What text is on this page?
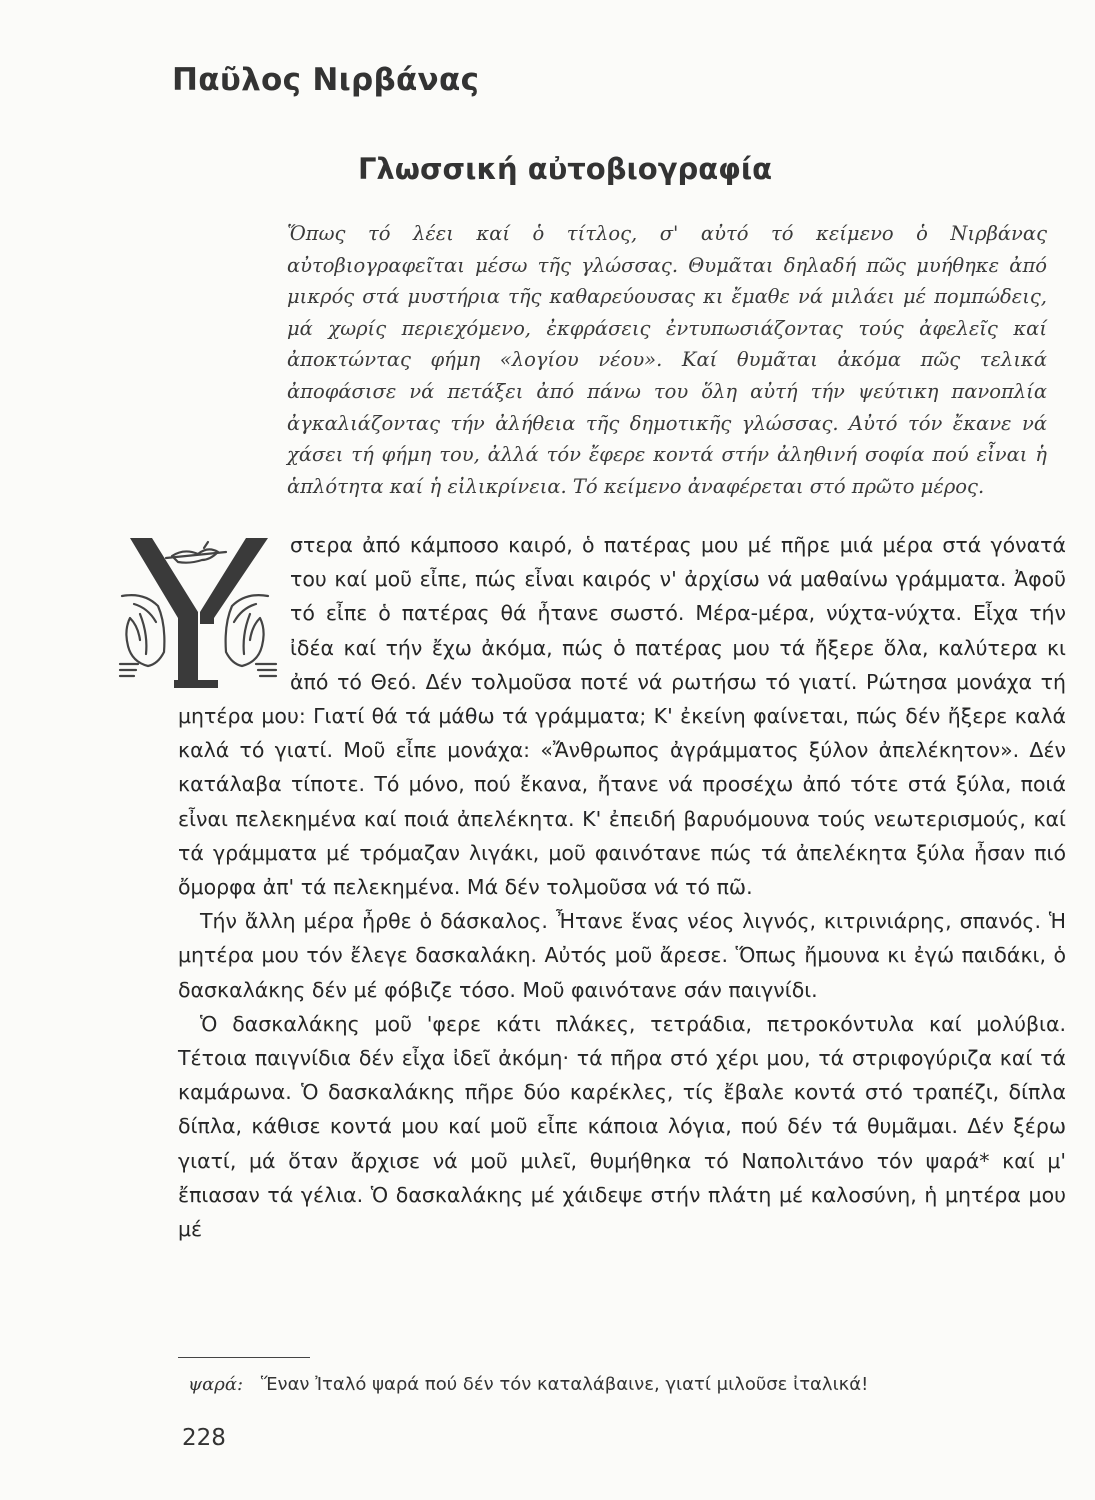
Παῦλος Νιρβάνας
Γλωσσική αὐτοβιογραφία
Ὅπως τό λέει καί ὁ τίτλος, σ' αὐτό τό κείμενο ὁ Νιρβάνας αὐτοβιογραφεῖται μέσω τῆς γλώσσας. Θυμᾶται δηλαδή πῶς μυήθηκε ἀπό μικρός στά μυστήρια τῆς καθαρεύουσας κι ἔμαθε νά μιλάει μέ πομπώδεις, μά χωρίς περιεχόμενο, ἐκφράσεις ἐντυπωσιάζοντας τούς ἀφελεῖς καί ἀποκτώντας φήμη «λογίου νέου». Καί θυμᾶται ἀκόμα πῶς τελικά ἀποφάσισε νά πετάξει ἀπό πάνω του ὅλη αὐτή τήν ψεύτικη πανοπλία ἀγκαλιάζοντας τήν ἀλήθεια τῆς δημοτικῆς γλώσσας. Αὐτό τόν ἔκανε νά χάσει τή φήμη του, ἀλλά τόν ἔφερε κοντά στήν ἀληθινή σοφία πού εἶναι ἡ ἁπλότητα καί ἡ εἰλικρίνεια. Τό κείμενο ἀναφέρεται στό πρῶτο μέρος.

στερα ἀπό κάμποσο καιρό, ὁ πατέρας μου μέ πῆρε μιά μέρα στά γόνατά του καί μοῦ εἶπε, πώς εἶναι καιρός ν' ἀρχίσω νά μαθαίνω γράμματα. Ἀφοῦ τό εἶπε ὁ πατέρας θά ἦτανε σωστό. Μέρα-μέρα, νύχτα-νύχτα. Εἶχα τήν ἰδέα καί τήν ἔχω ἀκόμα, πώς ὁ πατέρας μου τά ἤξερε ὅλα, καλύτερα κι ἀπό τό Θεό. Δέν τολμοῦσα ποτέ νά ρωτήσω τό γιατί. Ρώτησα μονάχα τή μητέρα μου: Γιατί θά τά μάθω τά γράμματα; Κ' ἐκείνη φαίνεται, πώς δέν ἤξερε καλά καλά τό γιατί. Μοῦ εἶπε μονάχα: «Ἄνθρωπος ἀγράμματος ξύλον ἀπελέκητον». Δέν κατάλαβα τίποτε. Τό μόνο, πού ἔκανα, ἤτανε νά προσέχω ἀπό τότε στά ξύλα, ποιά εἶναι πελεκημένα καί ποιά ἀπελέκητα. Κ' ἐπειδή βαρυόμουνα τούς νεωτερισμούς, καί τά γράμματα μέ τρόμαζαν λιγάκι, μοῦ φαινότανε πώς τά ἀπελέκητα ξύλα ἦσαν πιό ὄμορφα ἀπ' τά πελεκημένα. Μά δέν τολμοῦσα νά τό πῶ.

Τήν ἄλλη μέρα ἦρθε ὁ δάσκαλος. Ἦτανε ἕνας νέος λιγνός, κιτρινιάρης, σπανός. Ἡ μητέρα μου τόν ἔλεγε δασκαλάκη. Αὐτός μοῦ ἄρεσε. Ὅπως ἤμουνα κι ἐγώ παιδάκι, ὁ δασκαλάκης δέν μέ φόβιζε τόσο. Μοῦ φαινότανε σάν παιγνίδι.

Ὁ δασκαλάκης μοῦ 'φερε κάτι πλάκες, τετράδια, πετροκόντυλα καί μολύβια. Τέτοια παιγνίδια δέν εἶχα ἰδεῖ ἀκόμη· τά πῆρα στό χέρι μου, τά στριφογύριζα καί τά καμάρωνα. Ὁ δασκαλάκης πῆρε δύο καρέκλες, τίς ἔβαλε κοντά στό τραπέζι, δίπλα δίπλα, κάθισε κοντά μου καί μοῦ εἶπε κάποια λόγια, πού δέν τά θυμᾶμαι. Δέν ξέρω γιατί, μά ὅταν ἄρχισε νά μοῦ μιλεῖ, θυμήθηκα τό Ναπολιτάνο τόν ψαρά* καί μ' ἔπιασαν τά γέλια. Ὁ δασκαλάκης μέ χάιδεψε στήν πλάτη μέ καλοσύνη, ἡ μητέρα μου μέ

ψαρά: Ἕναν Ἰταλό ψαρά πού δέν τόν καταλάβαινε, γιατί μιλοῦσε ἰταλικά!
228
